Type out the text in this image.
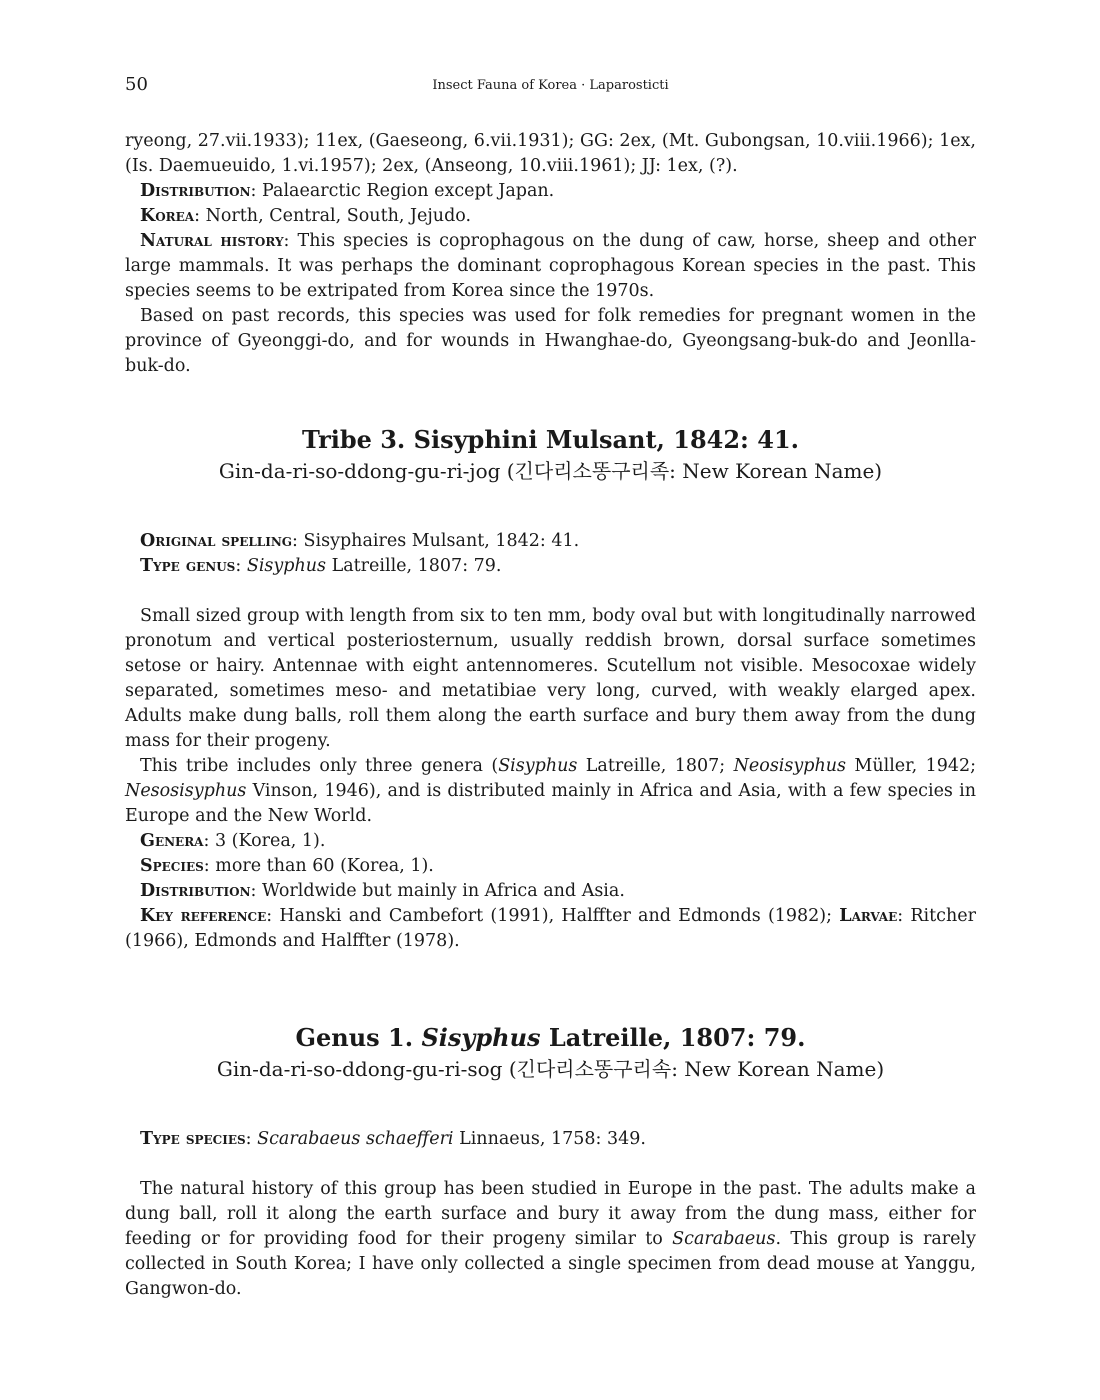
50	Insect Fauna of Korea · Laparosticti

ryeong, 27.vii.1933); 11ex, (Gaeseong, 6.vii.1931); GG: 2ex, (Mt. Gubongsan, 10.viii.1966); 1ex, (Is. Daemueuido, 1.vi.1957); 2ex, (Anseong, 10.viii.1961); JJ: 1ex, (?).

Distribution: Palaearctic Region except Japan.

Korea: North, Central, South, Jejudo.

Natural history: This species is coprophagous on the dung of caw, horse, sheep and other large mammals. It was perhaps the dominant coprophagous Korean species in the past. This species seems to be extripated from Korea since the 1970s.

Based on past records, this species was used for folk remedies for pregnant women in the province of Gyeonggi-do, and for wounds in Hwanghae-do, Gyeongsang-buk-do and Jeonlla-buk-do.

Tribe 3. Sisyphini Mulsant, 1842: 41.
Gin-da-ri-so-ddong-gu-ri-jog (긴다리소똥구리족: New Korean Name)

Original spelling: Sisyphaires Mulsant, 1842: 41.

Type genus: Sisyphus Latreille, 1807: 79.

Small sized group with length from six to ten mm, body oval but with longitudinally narrowed pronotum and vertical posteriosternum, usually reddish brown, dorsal surface sometimes setose or hairy. Antennae with eight antennomeres. Scutellum not visible. Mesocoxae widely separated, sometimes meso- and metatibiae very long, curved, with weakly elarged apex. Adults make dung balls, roll them along the earth surface and bury them away from the dung mass for their progeny.

This tribe includes only three genera (Sisyphus Latreille, 1807; Neosisyphus Müller, 1942; Nesosisyphus Vinson, 1946), and is distributed mainly in Africa and Asia, with a few species in Europe and the New World.

Genera: 3 (Korea, 1).

Species: more than 60 (Korea, 1).

Distribution: Worldwide but mainly in Africa and Asia.

Key reference: Hanski and Cambefort (1991), Halffter and Edmonds (1982); Larvae: Ritcher (1966), Edmonds and Halffter (1978).

Genus 1. Sisyphus Latreille, 1807: 79.
Gin-da-ri-so-ddong-gu-ri-sog (긴다리소똥구리속: New Korean Name)

Type species: Scarabaeus schaefferi Linnaeus, 1758: 349.

The natural history of this group has been studied in Europe in the past. The adults make a dung ball, roll it along the earth surface and bury it away from the dung mass, either for feeding or for providing food for their progeny similar to Scarabaeus. This group is rarely collected in South Korea; I have only collected a single specimen from dead mouse at Yanggu, Gangwon-do.
